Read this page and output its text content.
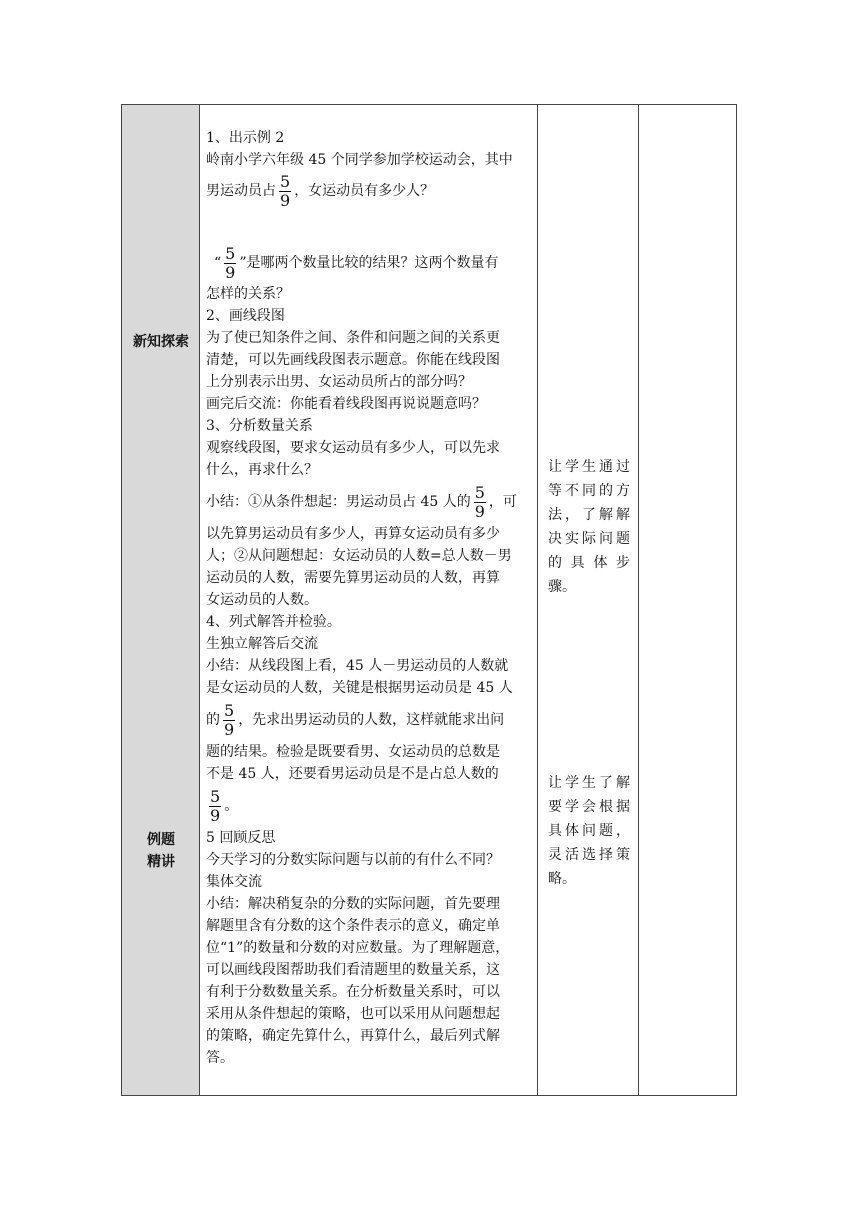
新知探索
例题
精讲
1、出示例 2
岭南小学六年级 45 个同学参加学校运动会，其中
男运动员占 $\frac{5}{9}$ ，女运动员有多少人？
“ $\frac{5}{9}$ ”是哪两个数量比较的结果？这两个数量有
怎样的关系？
2、画线段图
为了使已知条件之间、条件和问题之间的关系更
清楚，可以先画线段图表示题意。你能在线段图
上分别表示出男、女运动员所占的部分吗？
画完后交流：你能看着线段图再说说题意吗？
3、分析数量关系
观察线段图，要求女运动员有多少人，可以先求
什么，再求什么？
小结：①从条件想起：男运动员占 45 人的 $\frac{5}{9}$ ，可
以先算男运动员有多少人，再算女运动员有多少
人；②从问题想起：女运动员的人数=总人数－男
运动员的人数，需要先算男运动员的人数，再算
女运动员的人数。
4、列式解答并检验。
生独立解答后交流
小结：从线段图上看，45 人－男运动员的人数就
是女运动员的人数，关键是根据男运动员是 45 人
的 $\frac{5}{9}$ ，先求出男运动员的人数，这样就能求出问
题的结果。检验是既要看男、女运动员的总数是
不是 45 人，还要看男运动员是不是占总人数的
$\frac{5}{9}$ 。
5 回顾反思
今天学习的分数实际问题与以前的有什么不同？
集体交流
小结：解决稍复杂的分数的实际问题，首先要理
解题里含有分数的这个条件表示的意义，确定单
位“1”的数量和分数的对应数量。为了理解题意，
可以画线段图帮助我们看清题里的数量关系，这
有利于分数数量关系。在分析数量关系时，可以
采用从条件想起的策略，也可以采用从问题想起
的策略，确定先算什么，再算什么，最后列式解
答。
让学生通过等不同的方法，了解解决实际问题的具体步骤。
让学生了解要学会根据具体问题，灵活选择策略。
